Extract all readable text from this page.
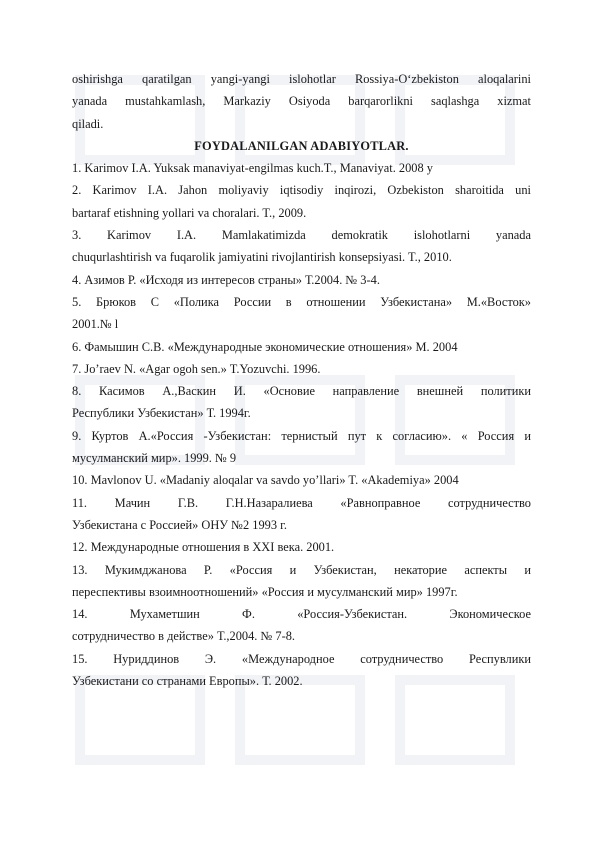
oshirishga qaratilgan yangi-yangi islohotlar Rossiya-O‘zbekiston aloqalarini
yanada mustahkamlash, Markaziy Osiyoda barqarorlikni saqlashga xizmat
qiladi.
FOYDALANILGAN ADABIYOTLAR.
1. Karimov I.A. Yuksak manaviyat-engilmas kuch.T., Manaviyat. 2008 y
2. Karimov I.A. Jahon moliyaviy iqtisodiy inqirozi, Ozbekiston sharoitida uni
bartaraf etishning yollari va choralari. T., 2009.
3. Karimov I.A. Mamlakatimizda demokratik islohotlarni yanada
chuqurlashtirish va fuqarolik jamiyatini rivojlantirish konsepsiyasi. T., 2010.
4. Азимов Р. «Исходя из интересов страны» Т.2004. № 3-4.
5. Брюков С «Полика России в отношении Узбекистана» М.«Восток»
2001.№ l
6. Фамышин С.В. «Международные экономические отношения» М. 2004
7. Jo’raev N. «Agar ogoh sen.» T.Yozuvchi. 1996.
8. Касимов А.,Васкин И. «Основие направление внешней политики
Республики Узбекистан» Т. 1994г.
9. Куртов А.«Россия -Узбекистан: тернистый пут к согласию». « Россия и
мусулманский мир». 1999. № 9
10. Mavlonov U. «Madaniy aloqalar va savdo yo’llari» T. «Akademiya» 2004
11. Мачин Г.В. Г.Н.Назаралиева «Равноправное сотрудничество
Узбекистана с Россией» ОНУ №2 1993 г.
12. Международные отношения в XXI века. 2001.
13. Мукимджанова Р. «Россия и Узбекистан, некаторие аспекты и
переспективы взоимноотношений» «Россия и мусулманский мир» 1997г.
14. Мухаметшин Ф. «Россия-Узбекистан. Экономическое
сотрудничество в действе» Т.,2004. № 7-8.
15. Нуриддинов Э. «Международное сотрудничество Респувлики
Узбекистани со странами Европы». Т. 2002.
